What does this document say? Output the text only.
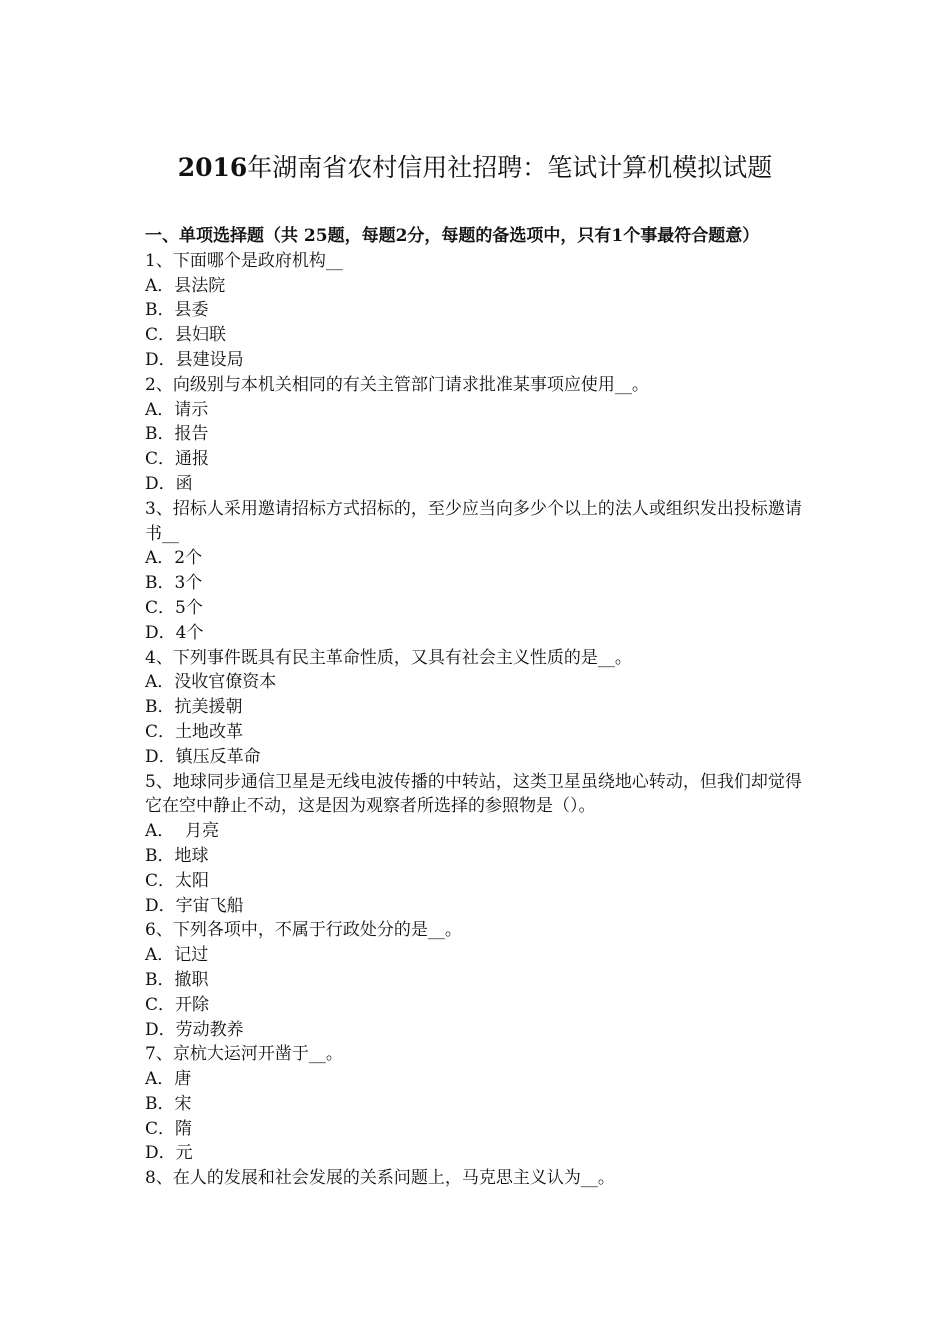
2016年湖南省农村信用社招聘：笔试计算机模拟试题

一、单项选择题（共 25题，每题2分，每题的备选项中，只有1个事最符合题意）

1、下面哪个是政府机构__

A．县法院

B．县委

C．县妇联

D．县建设局

2、向级别与本机关相同的有关主管部门请求批准某事项应使用__。

A．请示

B．报告

C．通报

D．函

3、招标人采用邀请招标方式招标的，至少应当向多少个以上的法人或组织发出投标邀请书__

A．2个

B．3个

C．5个

D．4个

4、下列事件既具有民主革命性质，又具有社会主义性质的是__。

A．没收官僚资本

B．抗美援朝

C．土地改革

D．镇压反革命

5、地球同步通信卫星是无线电波传播的中转站，这类卫星虽绕地心转动，但我们却觉得它在空中静止不动，这是因为观察者所选择的参照物是（）。

A．  月亮

B．地球

C．太阳

D．宇宙飞船

6、下列各项中，不属于行政处分的是__。

A．记过

B．撤职

C．开除

D．劳动教养

7、京杭大运河开凿于__。

A．唐

B．宋

C．隋

D．元

8、在人的发展和社会发展的关系问题上，马克思主义认为__。
